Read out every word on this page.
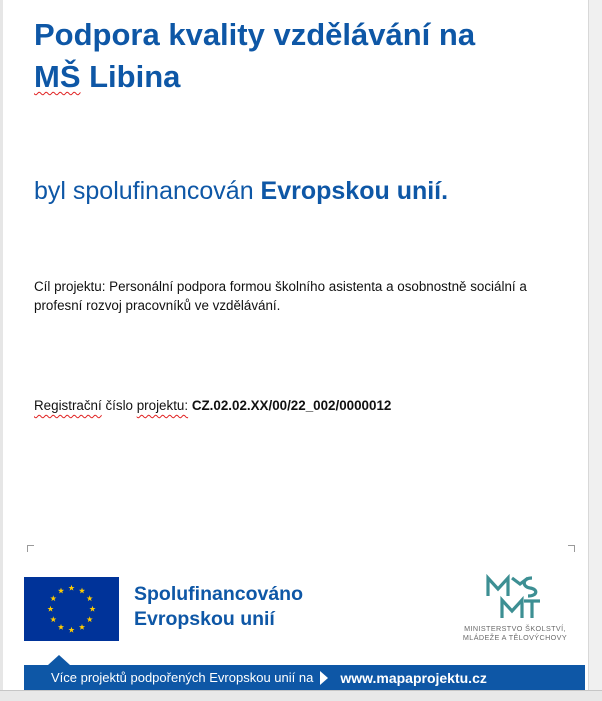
Podpora kvality vzdělávání na
MŠ Libina

byl spolufinancován Evropskou unií.

Cíl projektu: Personální podpora formou školního asistenta a osobnostně sociální a profesní rozvoj pracovníků ve vzdělávání.

Registrační číslo projektu: CZ.02.02.XX/00/22_002/0000012

Spolufinancováno
Evropskou unií	MINISTERSTVO ŠKOLSTVÍ,
MLÁDEŽE A TĚLOVÝCHOVY

Více projektů podpořených Evropskou unií na www.mapaprojektu.cz
